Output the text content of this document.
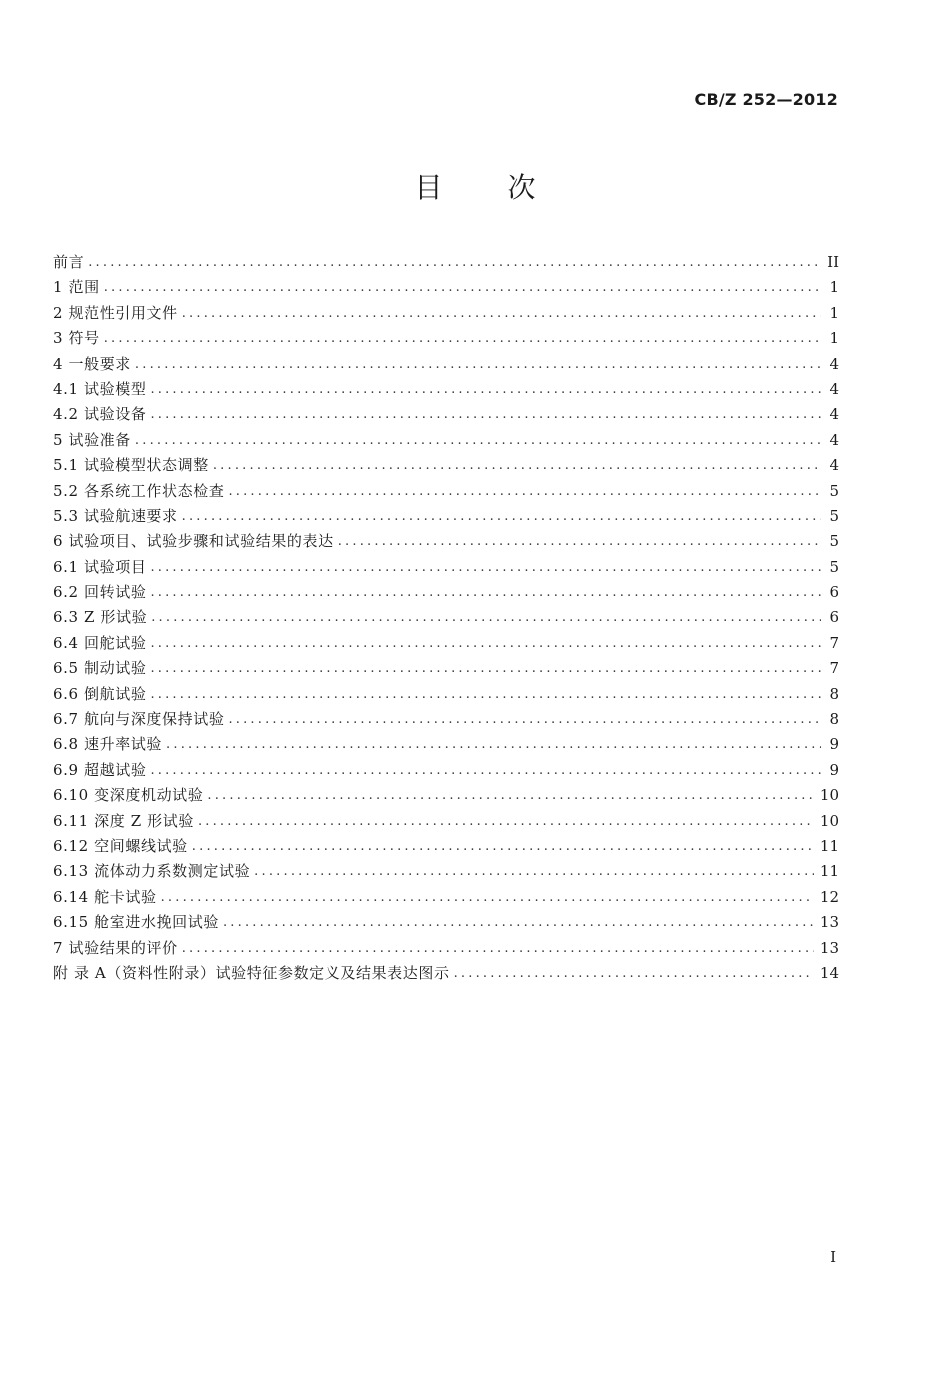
CB/Z 252—2012
目 次
前言 .....	II
1 范围 .....	1
2 规范性引用文件 .....	1
3 符号 .....	1
4 一般要求 .....	4
4.1 试验模型 .....	4
4.2 试验设备 .....	4
5 试验准备 .....	4
5.1 试验模型状态调整 .....	4
5.2 各系统工作状态检查 .....	5
5.3 试验航速要求 .....	5
6 试验项目、试验步骤和试验结果的表达 .....	5
6.1 试验项目 .....	5
6.2 回转试验 .....	6
6.3 Z 形试验 .....	6
6.4 回舵试验 .....	7
6.5 制动试验 .....	7
6.6 倒航试验 .....	8
6.7 航向与深度保持试验 .....	8
6.8 速升率试验 .....	9
6.9 超越试验 .....	9
6.10 变深度机动试验 .....	10
6.11 深度 Z 形试验 .....	10
6.12 空间螺线试验 .....	11
6.13 流体动力系数测定试验 .....	11
6.14 舵卡试验 .....	12
6.15 舱室进水挽回试验 .....	13
7 试验结果的评价 .....	13
附 录 A（资料性附录）试验特征参数定义及结果表达图示 .....	14
I
